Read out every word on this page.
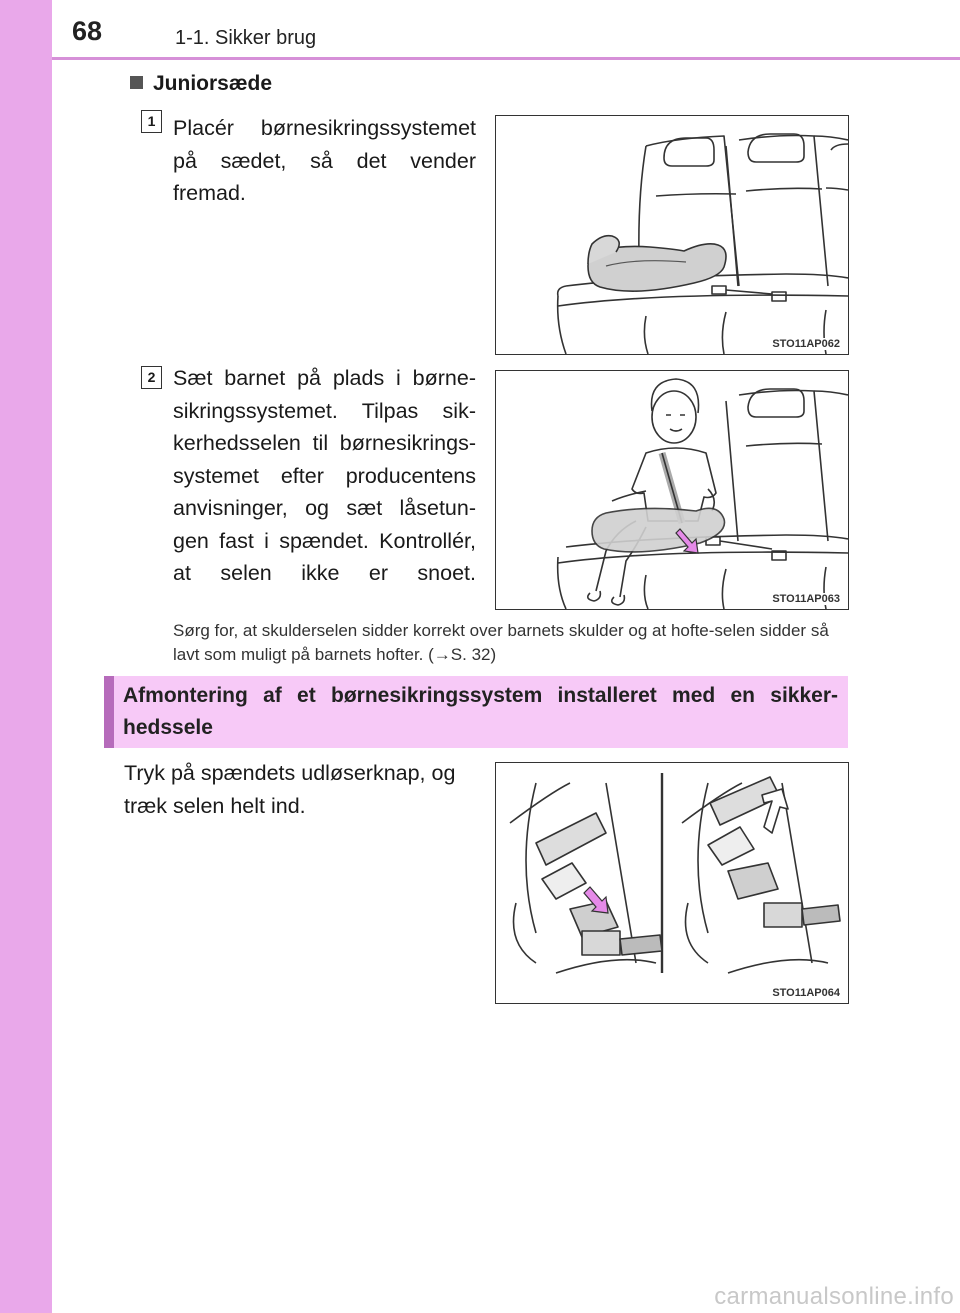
68	1-1. Sikker brug
Juniorsæde
1 Placér børnesikringssystemet på sædet, så det vender fremad.
STO11AP062
2 Sæt barnet på plads i børne-sikringssystemet. Tilpas sik-kerhedsselen til børnesikrings-systemet efter producentens anvisninger, og sæt låsetun-gen fast i spændet. Kontrollér, at selen ikke er snoet.
STO11AP063
Sørg for, at skulderselen sidder korrekt over barnets skulder og at hofte-selen sidder så lavt som muligt på barnets hofter. (→S. 32)
Afmontering af et børnesikringssystem installeret med en sikker-hedssele
Tryk på spændets udløserknap, og træk selen helt ind.
STO11AP064
carmanualsonline.info
